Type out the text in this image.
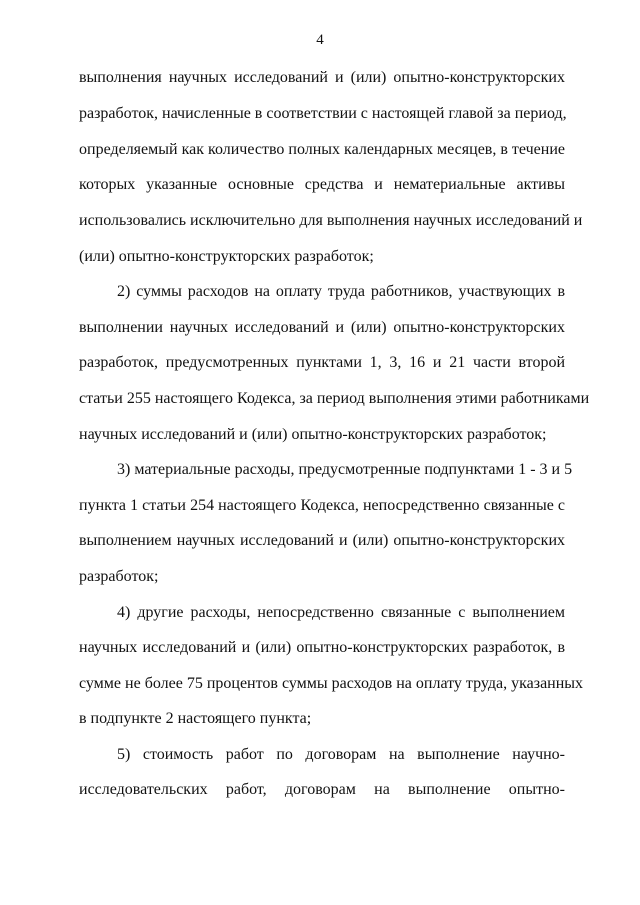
4
выполнения научных исследований и (или) опытно-конструкторских
разработок, начисленные в соответствии с настоящей главой за период,
определяемый как количество полных календарных месяцев, в течение
которых указанные основные средства и нематериальные активы
использовались исключительно для выполнения научных исследований и
(или) опытно-конструкторских разработок;
2) суммы расходов на оплату труда работников, участвующих в
выполнении научных исследований и (или) опытно-конструкторских
разработок, предусмотренных пунктами 1, 3, 16 и 21 части второй
статьи 255 настоящего Кодекса, за период выполнения этими работниками
научных исследований и (или) опытно-конструкторских разработок;
3) материальные расходы, предусмотренные подпунктами 1 - 3 и 5
пункта 1 статьи 254 настоящего Кодекса, непосредственно связанные с
выполнением научных исследований и (или) опытно-конструкторских
разработок;
4) другие расходы, непосредственно связанные с выполнением
научных исследований и (или) опытно-конструкторских разработок, в
сумме не более 75 процентов суммы расходов на оплату труда, указанных
в подпункте 2 настоящего пункта;
5) стоимость работ по договорам на выполнение научно-
исследовательских работ, договорам на выполнение опытно-
